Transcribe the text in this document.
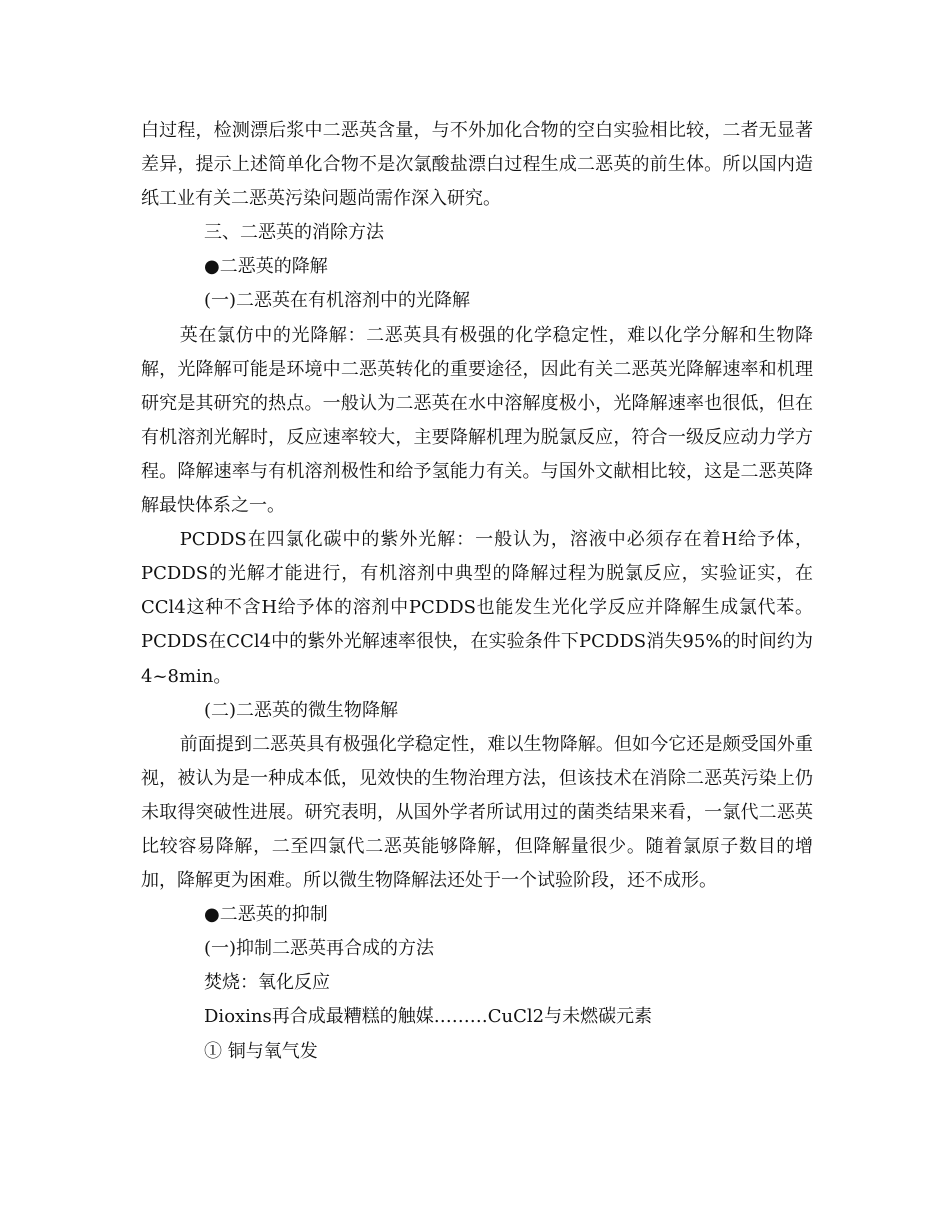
白过程，检测漂后浆中二恶英含量，与不外加化合物的空白实验相比较，二者无显著差异，提示上述简单化合物不是次氯酸盐漂白过程生成二恶英的前生体。所以国内造纸工业有关二恶英污染问题尚需作深入研究。

三、二恶英的消除方法

●二恶英的降解

(一)二恶英在有机溶剂中的光降解

英在氯仿中的光降解：二恶英具有极强的化学稳定性，难以化学分解和生物降解，光降解可能是环境中二恶英转化的重要途径，因此有关二恶英光降解速率和机理研究是其研究的热点。一般认为二恶英在水中溶解度极小，光降解速率也很低，但在有机溶剂光解时，反应速率较大，主要降解机理为脱氯反应，符合一级反应动力学方程。降解速率与有机溶剂极性和给予氢能力有关。与国外文献相比较，这是二恶英降解最快体系之一。

PCDDS在四氯化碳中的紫外光解：一般认为，溶液中必须存在着H给予体，PCDDS的光解才能进行，有机溶剂中典型的降解过程为脱氯反应，实验证实，在CCl4这种不含H给予体的溶剂中PCDDS也能发生光化学反应并降解生成氯代苯。PCDDS在CCl4中的紫外光解速率很快，在实验条件下PCDDS消失95%的时间约为4~8min。

(二)二恶英的微生物降解

前面提到二恶英具有极强化学稳定性，难以生物降解。但如今它还是颇受国外重视，被认为是一种成本低，见效快的生物治理方法，但该技术在消除二恶英污染上仍未取得突破性进展。研究表明，从国外学者所试用过的菌类结果来看，一氯代二恶英比较容易降解，二至四氯代二恶英能够降解，但降解量很少。随着氯原子数目的增加，降解更为困难。所以微生物降解法还处于一个试验阶段，还不成形。

●二恶英的抑制

(一)抑制二恶英再合成的方法

焚烧：氧化反应

Dioxins再合成最糟糕的触媒………CuCl2与未燃碳元素

① 铜与氧气发
